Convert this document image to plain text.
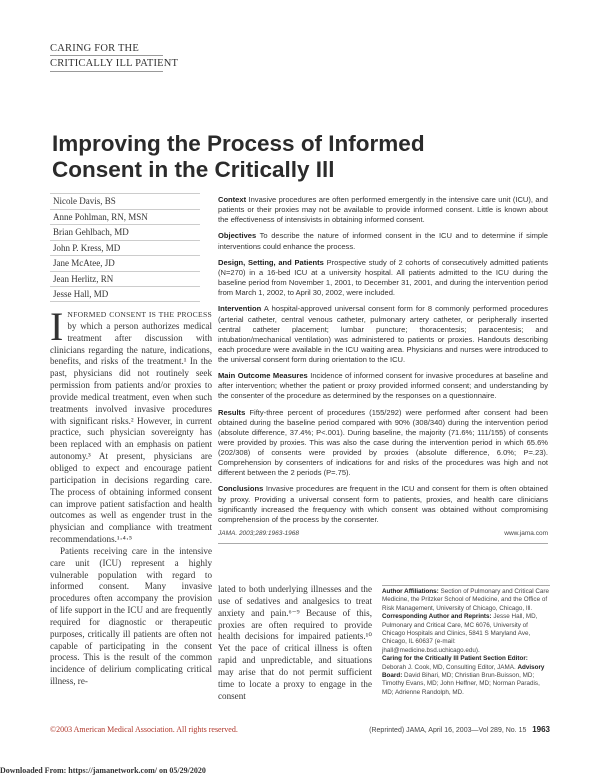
CARING FOR THE
CRITICALLY ILL PATIENT
Improving the Process of Informed Consent in the Critically Ill
Nicole Davis, BS
Anne Pohlman, RN, MSN
Brian Gehlbach, MD
John P. Kress, MD
Jane McAtee, JD
Jean Herlitz, RN
Jesse Hall, MD

Context Invasive procedures are often performed emergently in the intensive care unit (ICU), and patients or their proxies may not be available to provide informed consent. Little is known about the effectiveness of intensivists in obtaining informed consent.

Objectives To describe the nature of informed consent in the ICU and to determine if simple interventions could enhance the process.

Design, Setting, and Patients Prospective study of 2 cohorts of consecutively admitted patients (N=270) in a 16-bed ICU at a university hospital. All patients admitted to the ICU during the baseline period from November 1, 2001, to December 31, 2001, and during the intervention period from March 1, 2002, to April 30, 2002, were included.

Intervention A hospital-approved universal consent form for 8 commonly performed procedures (arterial catheter, central venous catheter, pulmonary artery catheter, or peripherally inserted central catheter placement; lumbar puncture; thoracentesis; paracentesis; and intubation/mechanical ventilation) was administered to patients or proxies. Handouts describing each procedure were available in the ICU waiting area. Physicians and nurses were introduced to the universal consent form during orientation to the ICU.

Main Outcome Measures Incidence of informed consent for invasive procedures at baseline and after intervention; whether the patient or proxy provided informed consent; and understanding by the consenter of the procedure as determined by the responses on a questionnaire.

Results Fifty-three percent of procedures (155/292) were performed after consent had been obtained during the baseline period compared with 90% (308/340) during the intervention period (absolute difference, 37.4%; P<.001). During baseline, the majority (71.6%; 111/155) of consents were provided by proxies. This was also the case during the intervention period in which 65.6% (202/308) of consents were provided by proxies (absolute difference, 6.0%; P=.23). Comprehension by consenters of indications for and risks of the procedures was high and not different between the 2 periods (P=.75).

Conclusions Invasive procedures are frequent in the ICU and consent for them is often obtained by proxy. Providing a universal consent form to patients, proxies, and health care clinicians significantly increased the frequency with which consent was obtained without compromising comprehension of the process by the consenter.

JAMA. 2003;289:1963-1968	www.jama.com
I NFORMED CONSENT IS THE PROCESS by which a person authorizes medical treatment after discussion with clinicians regarding the nature, indications, benefits, and risks of the treatment.¹ In the past, physicians did not routinely seek permission from patients and/or proxies to provide medical treatment, even when such treatments involved invasive procedures with significant risks.² However, in current practice, such physician sovereignty has been replaced with an emphasis on patient autonomy.³ At present, physicians are obliged to expect and encourage patient participation in decisions regarding care. The process of obtaining informed consent can improve patient satisfaction and health outcomes as well as engender trust in the physician and compliance with treatment recommendations.¹·⁴·⁵

Patients receiving care in the intensive care unit (ICU) represent a highly vulnerable population with regard to informed consent. Many invasive procedures often accompany the provision of life support in the ICU and are frequently required for diagnostic or therapeutic purposes, critically ill patients are often not capable of participating in the consent process. This is the result of the common incidence of delirium complicating critical illness, re-

lated to both underlying illnesses and the use of sedatives and analgesics to treat anxiety and pain.⁶⁻⁹ Because of this, proxies are often required to provide health decisions for impaired patients.¹⁰ Yet the pace of critical illness is often rapid and unpredictable, and situations may arise that do not permit sufficient time to locate a proxy to engage in the consent

Author Affiliations: Section of Pulmonary and Critical Care Medicine, the Pritzker School of Medicine, and the Office of Risk Management, University of Chicago, Chicago, Ill.

Corresponding Author and Reprints: Jesse Hall, MD, Pulmonary and Critical Care, MC 6076, University of Chicago Hospitals and Clinics, 5841 S Maryland Ave, Chicago, IL 60637 (e-mail: jhall@medicine.bsd.uchicago.edu).

Caring for the Critically Ill Patient Section Editor: Deborah J. Cook, MD, Consulting Editor, JAMA. Advisory Board: David Bihari, MD; Christian Brun-Buisson, MD; Timothy Evans, MD; John Heffner, MD; Norman Paradis, MD; Adrienne Randolph, MD.

©2003 American Medical Association. All rights reserved.	(Reprinted) JAMA, April 16, 2003—Vol 289, No. 15 1963
Downloaded From: https://jamanetwork.com/ on 05/29/2020
